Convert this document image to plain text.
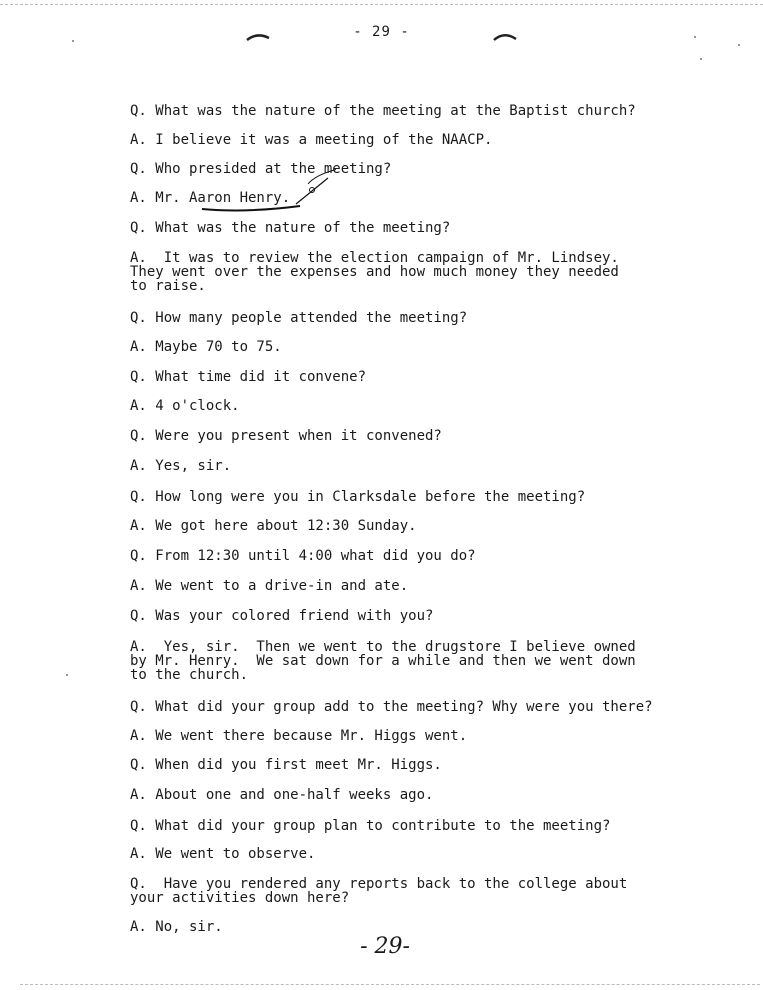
- 29 -
Q. What was the nature of the meeting at the Baptist church?
A. I believe it was a meeting of the NAACP.
Q. Who presided at the meeting?
A. Mr. Aaron Henry.
Q. What was the nature of the meeting?
A.  It was to review the election campaign of Mr. Lindsey.
They went over the expenses and how much money they needed
to raise.
Q. How many people attended the meeting?
A. Maybe 70 to 75.
Q. What time did it convene?
A. 4 o'clock.
Q. Were you present when it convened?
A. Yes, sir.
Q. How long were you in Clarksdale before the meeting?
A. We got here about 12:30 Sunday.
Q. From 12:30 until 4:00 what did you do?
A. We went to a drive-in and ate.
Q. Was your colored friend with you?
A.  Yes, sir.  Then we went to the drugstore I believe owned
by Mr. Henry.  We sat down for a while and then we went down
to the church.
Q. What did your group add to the meeting? Why were you there?
A. We went there because Mr. Higgs went.
Q. When did you first meet Mr. Higgs.
A. About one and one-half weeks ago.
Q. What did your group plan to contribute to the meeting?
A. We went to observe.
Q.  Have you rendered any reports back to the college about
your activities down here?
A. No, sir.
- 29-
